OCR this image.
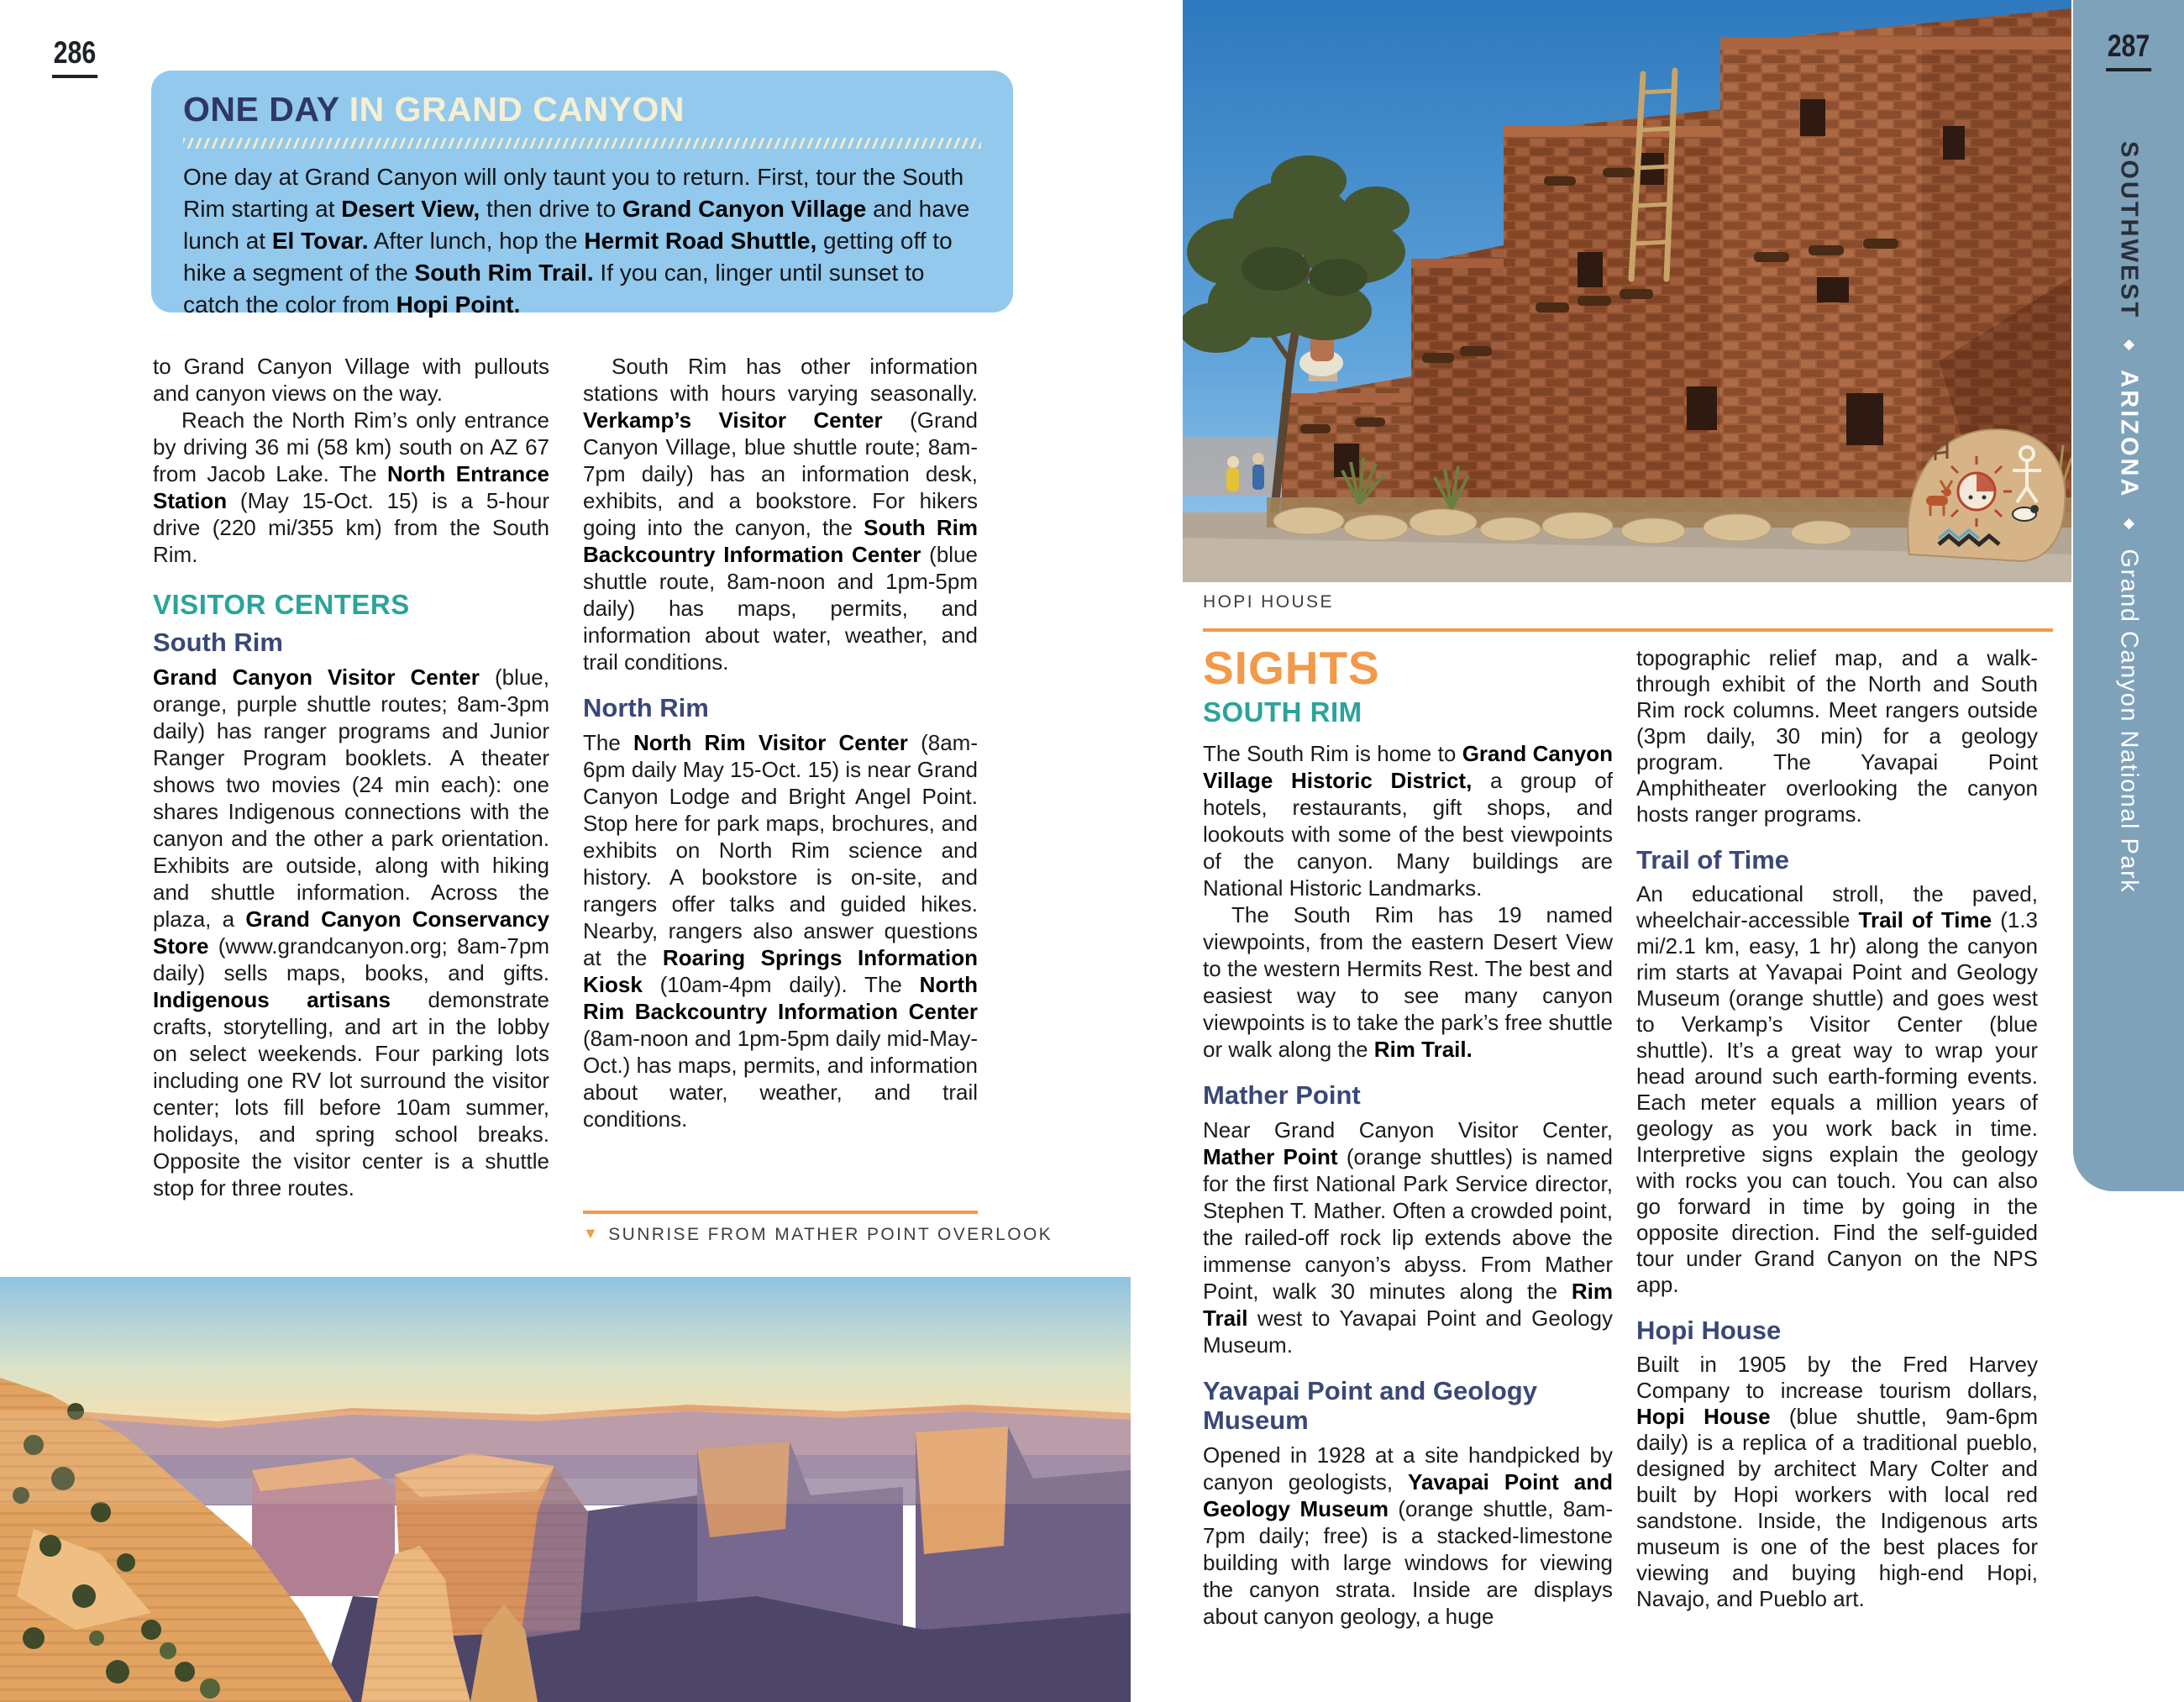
286
ONE DAY IN GRAND CANYON
One day at Grand Canyon will only taunt you to return. First, tour the South Rim starting at Desert View, then drive to Grand Canyon Village and have lunch at El Tovar. After lunch, hop the Hermit Road Shuttle, getting off to hike a segment of the South Rim Trail. If you can, linger until sunset to catch the color from Hopi Point.

to Grand Canyon Village with pullouts and canyon views on the way.

Reach the North Rim’s only entrance by driving 36 mi (58 km) south on AZ 67 from Jacob Lake. The North Entrance Station (May 15-Oct. 15) is a 5-hour drive (220 mi/355 km) from the South Rim.

VISITOR CENTERS
South Rim

Grand Canyon Visitor Center (blue, orange, purple shuttle routes; 8am-3pm daily) has ranger programs and Junior Ranger Program booklets. A theater shows two movies (24 min each): one shares Indigenous connections with the canyon and the other a park orientation. Exhibits are outside, along with hiking and shuttle information. Across the plaza, a Grand Canyon Conservancy Store (www.grandcanyon.org; 8am-7pm daily) sells maps, books, and gifts. Indigenous artisans demonstrate crafts, storytelling, and art in the lobby on select weekends. Four parking lots including one RV lot surround the visitor center; lots fill before 10am summer, holidays, and spring school breaks. Opposite the visitor center is a shuttle stop for three routes.

South Rim has other information stations with hours varying seasonally. Verkamp’s Visitor Center (Grand Canyon Village, blue shuttle route; 8am-7pm daily) has an information desk, exhibits, and a bookstore. For hikers going into the canyon, the South Rim Backcountry Information Center (blue shuttle route, 8am-noon and 1pm-5pm daily) has maps, permits, and information about water, weather, and trail conditions.

North Rim

The North Rim Visitor Center (8am-6pm daily May 15-Oct. 15) is near Grand Canyon Lodge and Bright Angel Point. Stop here for park maps, brochures, and exhibits on North Rim science and history. A bookstore is on-site, and rangers offer talks and guided hikes. Nearby, rangers also answer questions at the Roaring Springs Information Kiosk (10am-4pm daily). The North Rim Backcountry Information Center (8am-noon and 1pm-5pm daily mid-May-Oct.) has maps, permits, and information about water, weather, and trail conditions.

▼ SUNRISE FROM MATHER POINT OVERLOOK
HOPI HOUSE
SIGHTS
SOUTH RIM

The South Rim is home to Grand Canyon Village Historic District, a group of hotels, restaurants, gift shops, and lookouts with some of the best viewpoints of the canyon. Many buildings are National Historic Landmarks.

The South Rim has 19 named viewpoints, from the eastern Desert View to the western Hermits Rest. The best and easiest way to see many canyon viewpoints is to take the park’s free shuttle or walk along the Rim Trail.

Mather Point

Near Grand Canyon Visitor Center, Mather Point (orange shuttles) is named for the first National Park Service director, Stephen T. Mather. Often a crowded point, the railed-off rock lip extends above the immense canyon’s abyss. From Mather Point, walk 30 minutes along the Rim Trail west to Yavapai Point and Geology Museum.

Yavapai Point and Geology Museum

Opened in 1928 at a site handpicked by canyon geologists, Yavapai Point and Geology Museum (orange shuttle, 8am-7pm daily; free) is a stacked-limestone building with large windows for viewing the canyon strata. Inside are displays about canyon geology, a huge

topographic relief map, and a walk-through exhibit of the North and South Rim rock columns. Meet rangers outside (3pm daily, 30 min) for a geology program. The Yavapai Point Amphitheater overlooking the canyon hosts ranger programs.

Trail of Time

An educational stroll, the paved, wheelchair-accessible Trail of Time (1.3 mi/2.1 km, easy, 1 hr) along the canyon rim starts at Yavapai Point and Geology Museum (orange shuttle) and goes west to Verkamp’s Visitor Center (blue shuttle). It’s a great way to wrap your head around such earth-forming events. Each meter equals a million years of geology as you work back in time. Interpretive signs explain the geology with rocks you can touch. You can also go forward in time by going in the opposite direction. Find the self-guided tour under Grand Canyon on the NPS app.

Hopi House

Built in 1905 by the Fred Harvey Company to increase tourism dollars, Hopi House (blue shuttle, 9am-6pm daily) is a replica of a traditional pueblo, designed by architect Mary Colter and built by Hopi workers with local red sandstone. Inside, the Indigenous arts museum is one of the best places for viewing and buying high-end Hopi, Navajo, and Pueblo art.

287
SOUTHWEST◆ARIZONA◆Grand Canyon National Park
